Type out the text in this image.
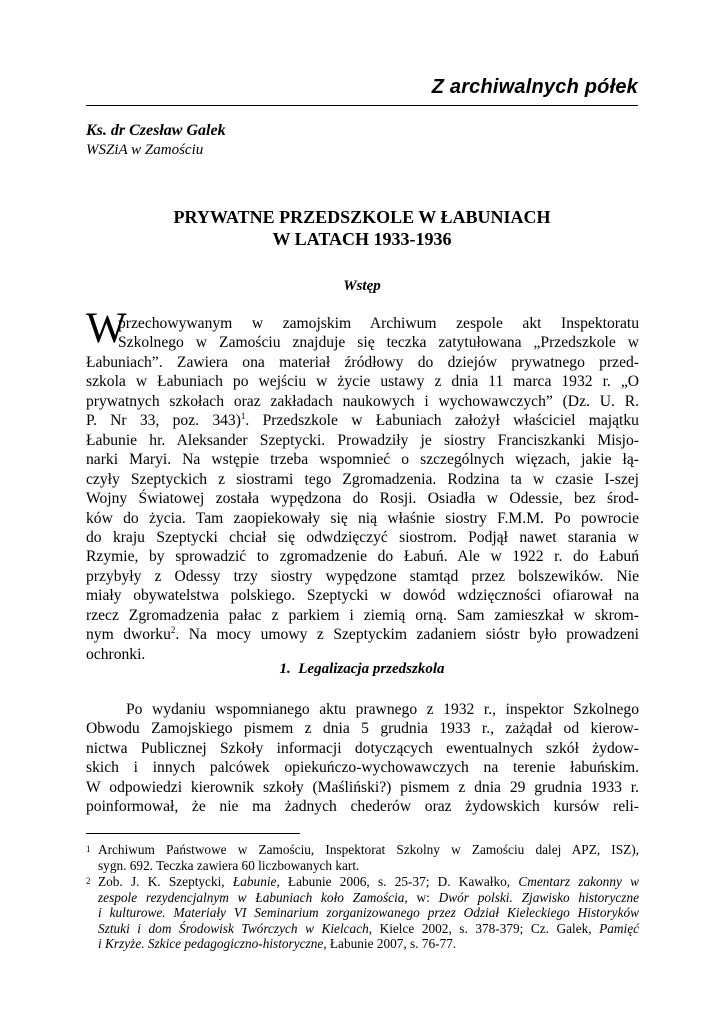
Z archiwalnych półek
Ks. dr Czesław Galek
WSZiA w Zamościu
PRYWATNE PRZEDSZKOLE W ŁABUNIACH
W LATACH 1933-1936
Wstęp
W
przechowywanym w zamojskim Archiwum zespole akt Inspektoratu
Szkolnego w Zamościu znajduje się teczka zatytułowana „Przedszkole w
Łabuniach”. Zawiera ona materiał źródłowy do dziejów prywatnego przed-
szkola w Łabuniach po wejściu w życie ustawy z dnia 11 marca 1932 r. „O
prywatnych szkołach oraz zakładach naukowych i wychowawczych” (Dz. U. R.
P. Nr 33, poz. 343)$^1$. Przedszkole w Łabuniach założył właściciel majątku
Łabunie hr. Aleksander Szeptycki. Prowadziły je siostry Franciszkanki Misjo-
narki Maryi. Na wstępie trzeba wspomnieć o szczególnych więzach, jakie łą-
czyły Szeptyckich z siostrami tego Zgromadzenia. Rodzina ta w czasie I-szej
Wojny Światowej została wypędzona do Rosji. Osiadła w Odessie, bez środ-
ków do życia. Tam zaopiekowały się nią właśnie siostry F.M.M. Po powrocie
do kraju Szeptycki chciał się odwdzięczyć siostrom. Podjął nawet starania w
Rzymie, by sprowadzić to zgromadzenie do Łabuń. Ale w 1922 r. do Łabuń
przybyły z Odessy trzy siostry wypędzone stamtąd przez bolszewików. Nie
miały obywatelstwa polskiego. Szeptycki w dowód wdzięczności ofiarował na
rzecz Zgromadzenia pałac z parkiem i ziemią orną. Sam zamieszkał w skrom-
nym dworku$^2$. Na mocy umowy z Szeptyckim zadaniem sióstr było prowadzeni
ochronki.
1.  Legalizacja przedszkola
Po wydaniu wspomnianego aktu prawnego z 1932 r., inspektor Szkolnego
Obwodu Zamojskiego pismem z dnia 5 grudnia 1933 r., zażądał od kierow-
nictwa Publicznej Szkoły informacji dotyczących ewentualnych szkół żydow-
skich i innych palcówek opiekuńczo-wychowawczych na terenie łabuńskim.
W odpowiedzi kierownik szkoły (Maśliński?) pismem z dnia 29 grudnia 1933 r.
poinformował, że nie ma żadnych chederów oraz żydowskich kursów reli-
1 Archiwum Państwowe w Zamościu, Inspektorat Szkolny w Zamościu dalej APZ, ISZ),
sygn. 692. Teczka zawiera 60 liczbowanych kart.
2 Zob. J. K. Szeptycki, Łabunie, Łabunie 2006, s. 25-37; D. Kawałko, Cmentarz zakonny w
zespole rezydencjalnym w Łabuniach koło Zamościa, w: Dwór polski. Zjawisko historyczne
i kulturowe. Materiały VI Seminarium zorganizowanego przez Odział Kieleckiego Historyków
Sztuki i dom Środowisk Twórczych w Kielcach, Kielce 2002, s. 378-379; Cz. Galek, Pamięć
i Krzyże. Szkice pedagogiczno-historyczne, Łabunie 2007, s. 76-77.
